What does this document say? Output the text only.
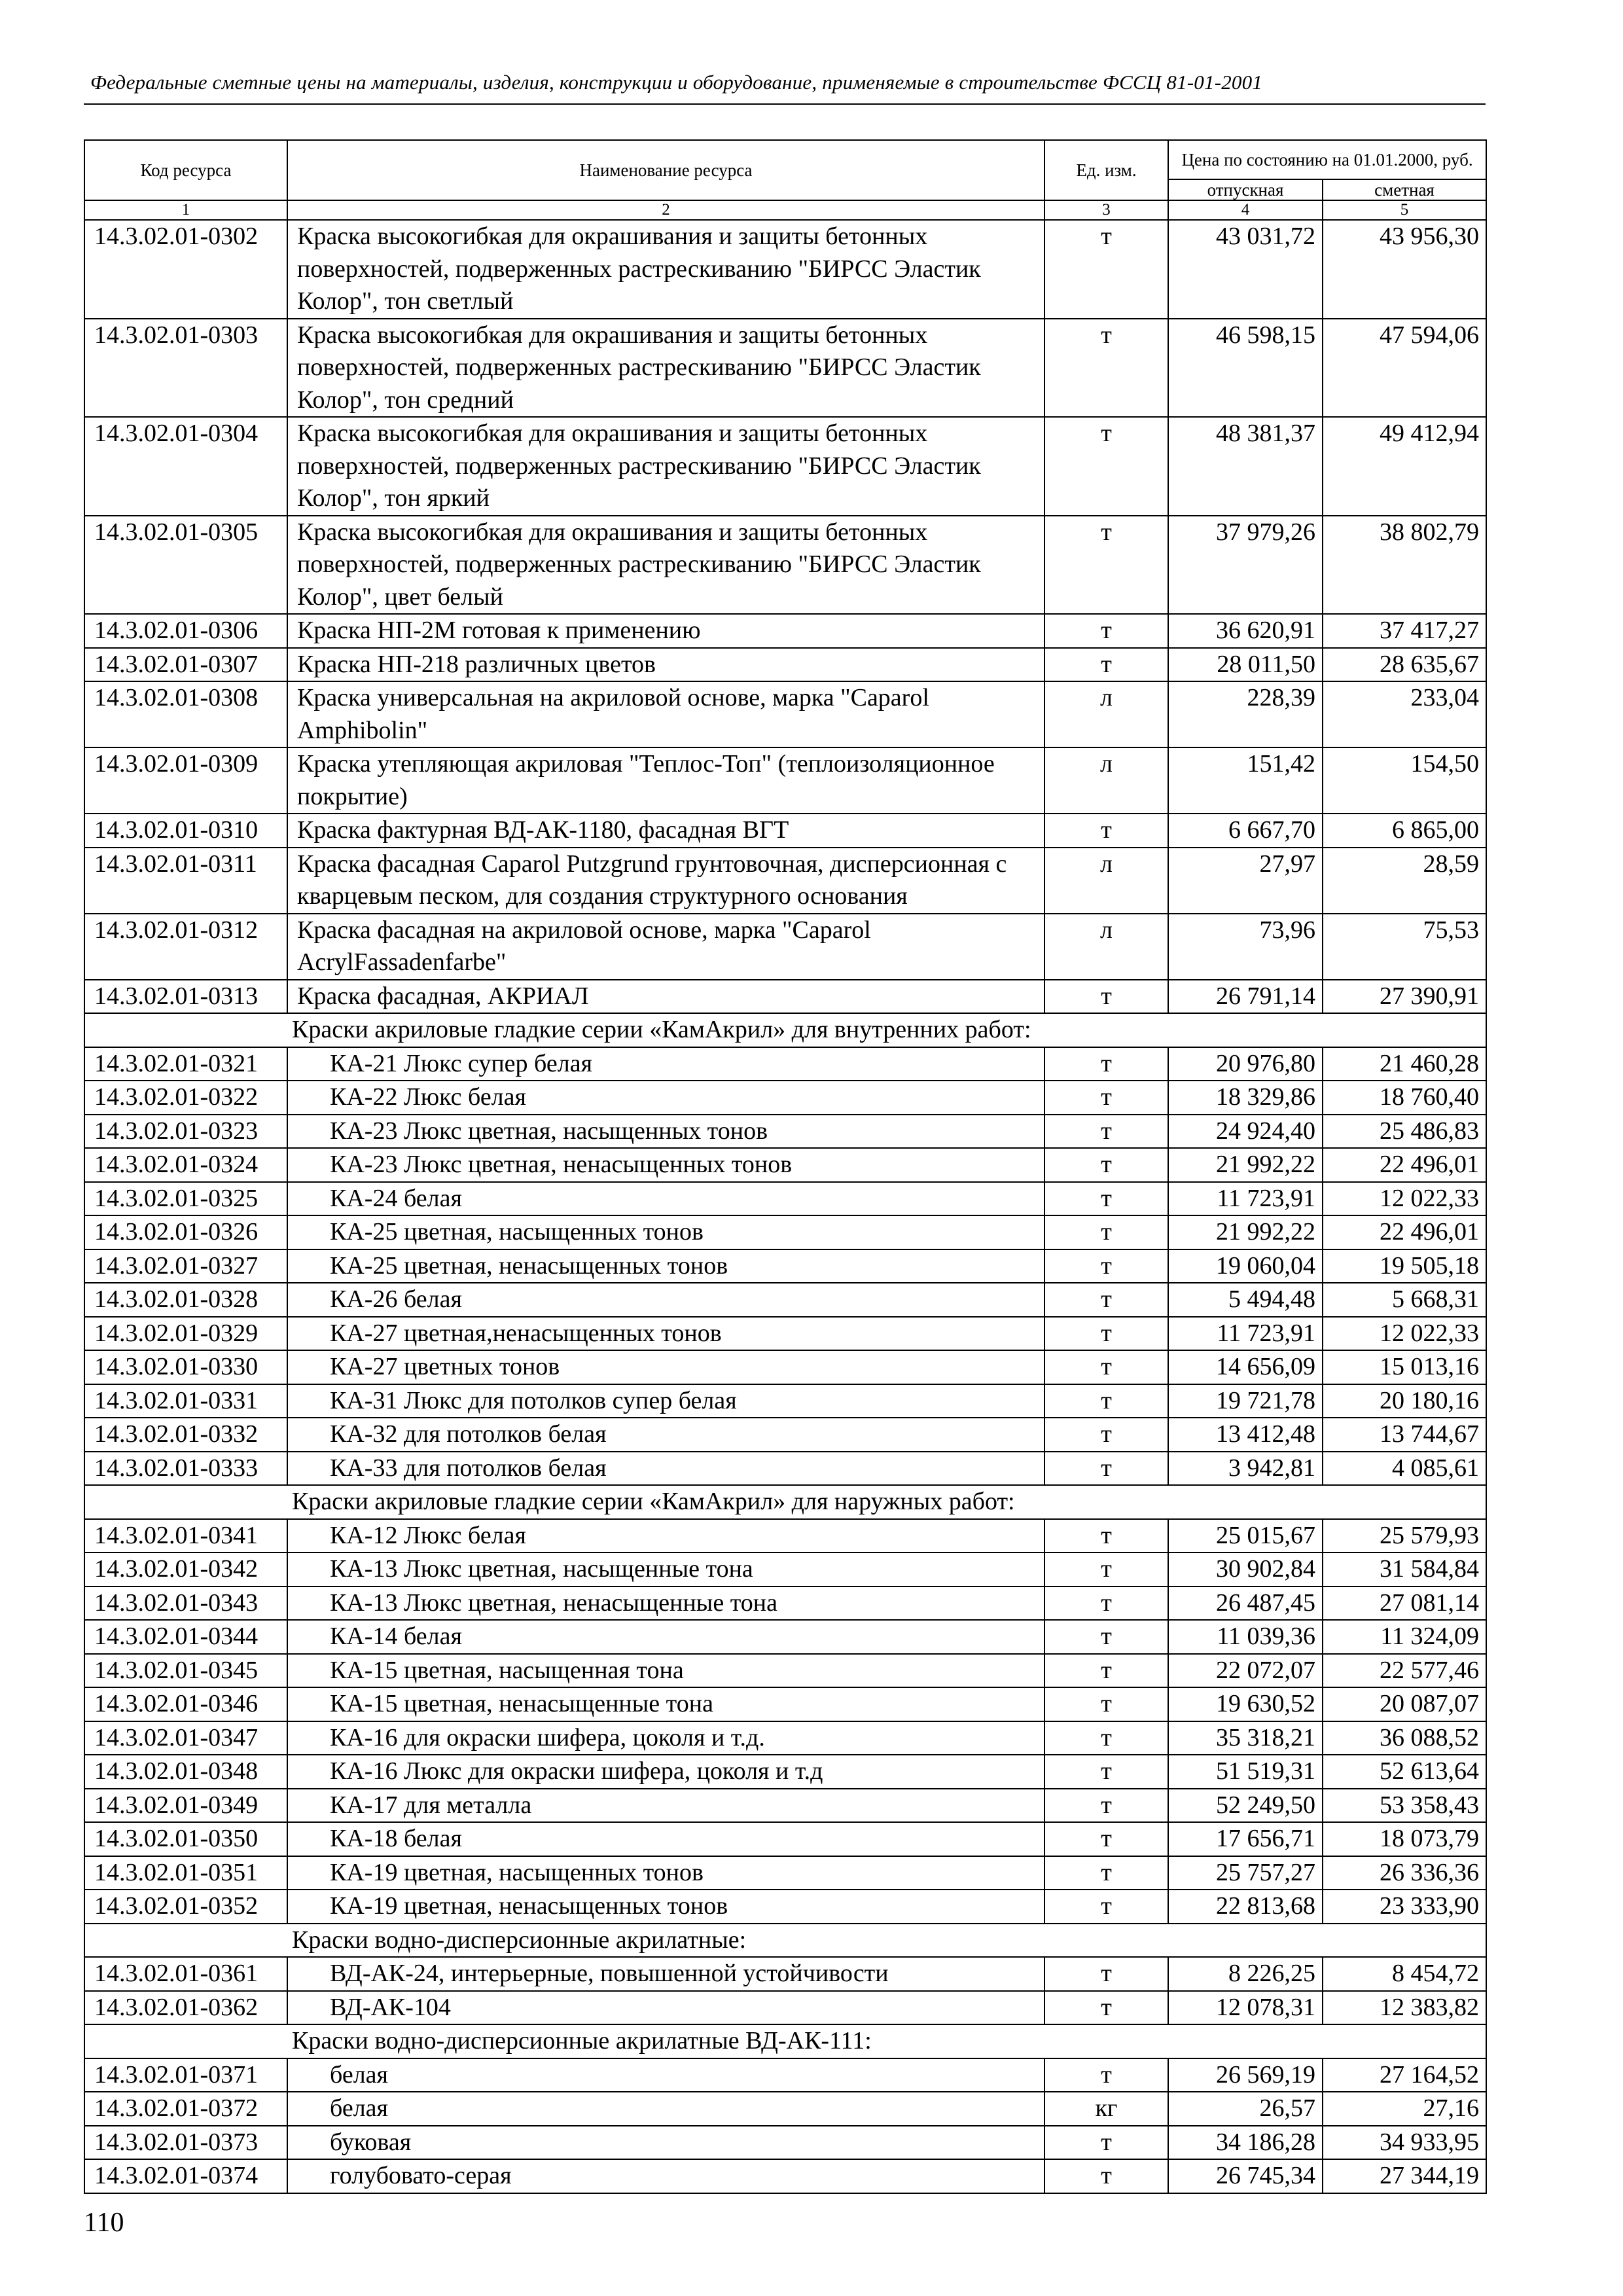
Федеральные сметные цены на материалы, изделия, конструкции и оборудование, применяемые в строительстве ФССЦ 81-01-2001
Код ресурса	Наименование ресурса	Ед. изм.	Цена по состоянию на 01.01.2000, руб.	
			отпускная	сметная
1	2	3	4	5
14.3.02.01-0302	Краска высокогибкая для окрашивания и защиты бетонных поверхностей, подверженных растрескиванию "БИРСС Эластик Колор", тон светлый	т	43 031,72	43 956,30
14.3.02.01-0303	Краска высокогибкая для окрашивания и защиты бетонных поверхностей, подверженных растрескиванию "БИРСС Эластик Колор", тон средний	т	46 598,15	47 594,06
14.3.02.01-0304	Краска высокогибкая для окрашивания и защиты бетонных поверхностей, подверженных растрескиванию "БИРСС Эластик Колор", тон яркий	т	48 381,37	49 412,94
14.3.02.01-0305	Краска высокогибкая для окрашивания и защиты бетонных поверхностей, подверженных растрескиванию "БИРСС Эластик Колор", цвет белый	т	37 979,26	38 802,79
14.3.02.01-0306	Краска НП-2М готовая к применению	т	36 620,91	37 417,27
14.3.02.01-0307	Краска НП-218 различных цветов	т	28 011,50	28 635,67
14.3.02.01-0308	Краска универсальная на акриловой основе, марка "Caparol Amphibolin"	л	228,39	233,04
14.3.02.01-0309	Краска утепляющая акриловая "Теплос-Топ" (теплоизоляционное покрытие)	л	151,42	154,50
14.3.02.01-0310	Краска фактурная ВД-АК-1180, фасадная ВГТ	т	6 667,70	6 865,00
14.3.02.01-0311	Краска фасадная Caparol Putzgrund грунтовочная, дисперсионная с кварцевым песком, для создания структурного основания	л	27,97	28,59
14.3.02.01-0312	Краска фасадная на акриловой основе, марка "Caparol AcrylFassadenfarbe"	л	73,96	75,53
14.3.02.01-0313	Краска фасадная, АКРИАЛ	т	26 791,14	27 390,91
Краски акриловые гладкие серии «КамАкрил» для внутренних работ:				
14.3.02.01-0321	КА-21 Люкс супер белая	т	20 976,80	21 460,28
14.3.02.01-0322	КА-22 Люкс белая	т	18 329,86	18 760,40
14.3.02.01-0323	КА-23 Люкс цветная, насыщенных тонов	т	24 924,40	25 486,83
14.3.02.01-0324	КА-23 Люкс цветная, ненасыщенных тонов	т	21 992,22	22 496,01
14.3.02.01-0325	КА-24 белая	т	11 723,91	12 022,33
14.3.02.01-0326	КА-25 цветная, насыщенных тонов	т	21 992,22	22 496,01
14.3.02.01-0327	КА-25 цветная, ненасыщенных тонов	т	19 060,04	19 505,18
14.3.02.01-0328	КА-26 белая	т	5 494,48	5 668,31
14.3.02.01-0329	КА-27 цветная,ненасыщенных тонов	т	11 723,91	12 022,33
14.3.02.01-0330	КА-27 цветных тонов	т	14 656,09	15 013,16
14.3.02.01-0331	КА-31 Люкс для потолков супер белая	т	19 721,78	20 180,16
14.3.02.01-0332	КА-32 для потолков белая	т	13 412,48	13 744,67
14.3.02.01-0333	КА-33 для потолков белая	т	3 942,81	4 085,61
Краски акриловые гладкие серии «КамАкрил» для наружных работ:				
14.3.02.01-0341	КА-12 Люкс белая	т	25 015,67	25 579,93
14.3.02.01-0342	КА-13 Люкс цветная, насыщенные тона	т	30 902,84	31 584,84
14.3.02.01-0343	КА-13 Люкс цветная, ненасыщенные тона	т	26 487,45	27 081,14
14.3.02.01-0344	КА-14 белая	т	11 039,36	11 324,09
14.3.02.01-0345	КА-15 цветная, насыщенная тона	т	22 072,07	22 577,46
14.3.02.01-0346	КА-15 цветная, ненасыщенные тона	т	19 630,52	20 087,07
14.3.02.01-0347	КА-16 для окраски шифера, цоколя и т.д.	т	35 318,21	36 088,52
14.3.02.01-0348	КА-16 Люкс для окраски шифера, цоколя и т.д	т	51 519,31	52 613,64
14.3.02.01-0349	КА-17 для металла	т	52 249,50	53 358,43
14.3.02.01-0350	КА-18 белая	т	17 656,71	18 073,79
14.3.02.01-0351	КА-19 цветная, насыщенных тонов	т	25 757,27	26 336,36
14.3.02.01-0352	КА-19 цветная, ненасыщенных тонов	т	22 813,68	23 333,90
Краски водно-дисперсионные акрилатные:				
14.3.02.01-0361	ВД-АК-24, интерьерные, повышенной устойчивости	т	8 226,25	8 454,72
14.3.02.01-0362	ВД-АК-104	т	12 078,31	12 383,82
Краски водно-дисперсионные акрилатные ВД-АК-111:				
14.3.02.01-0371	белая	т	26 569,19	27 164,52
14.3.02.01-0372	белая	кг	26,57	27,16
14.3.02.01-0373	буковая	т	34 186,28	34 933,95
14.3.02.01-0374	голубовато-серая	т	26 745,34	27 344,19
110
